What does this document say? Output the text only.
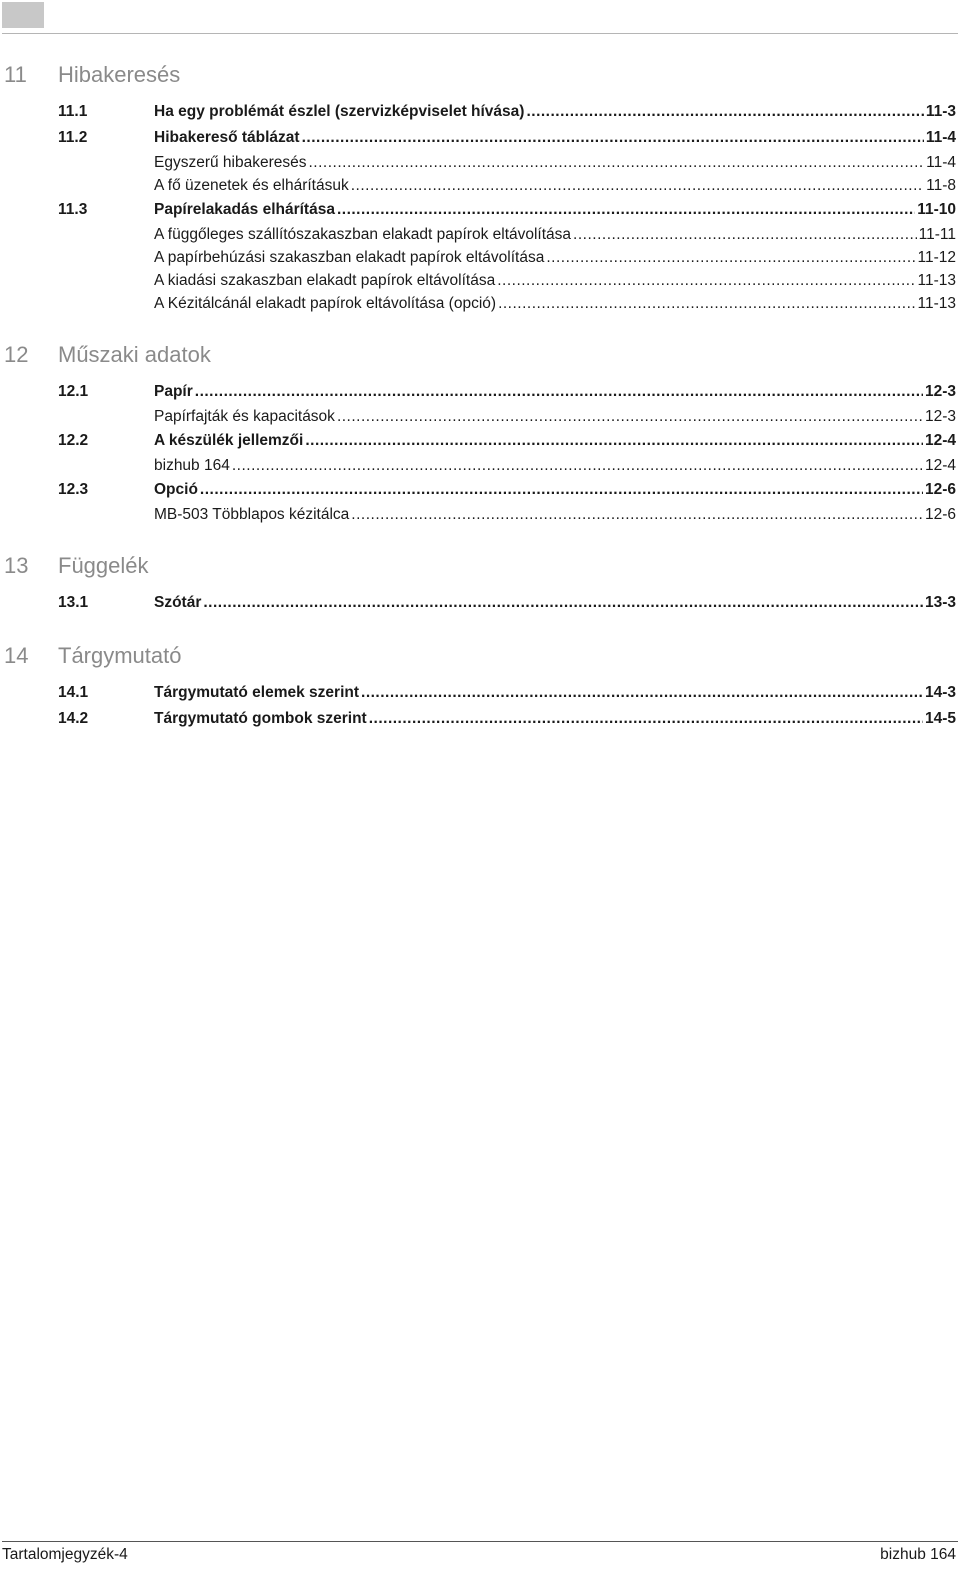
11 Hibakeresés
11.1	Ha egy problémát észlel (szervizképviselet hívása) .....	11-3
11.2	Hibakereső táblázat .....	11-4
Egyszerű hibakeresés .....	11-4
A fő üzenetek és elhárításuk .....	11-8
11.3	Papírelakadás elhárítása .....	11-10
A függőleges szállítószakaszban elakadt papírok eltávolítása .....	11-11
A papírbehúzási szakaszban elakadt papírok eltávolítása .....	11-12
A kiadási szakaszban elakadt papírok eltávolítása .....	11-13
A Kézitálcánál elakadt papírok eltávolítása (opció) .....	11-13
12 Műszaki adatok
12.1	Papír .....	12-3
Papírfajták és kapacitások .....	12-3
12.2	A készülék jellemzői .....	12-4
bizhub 164 .....	12-4
12.3	Opció .....	12-6
MB-503 Többlapos kézitálca .....	12-6
13 Függelék
13.1	Szótár .....	13-3
14 Tárgymutató
14.1	Tárgymutató elemek szerint .....	14-3
14.2	Tárgymutató gombok szerint .....	14-5
Tartalomjegyzék-4	bizhub 164
